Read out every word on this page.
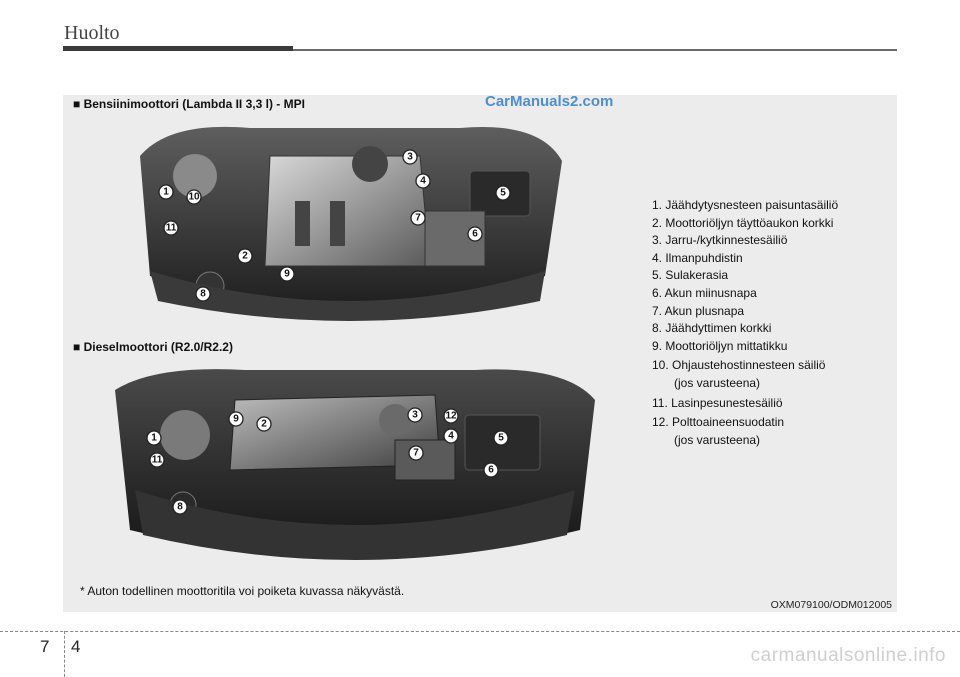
Huolto
■ Bensiinimoottori (Lambda II 3,3 l) - MPI	CarManuals2.com
■ Dieselmoottori (R2.0/R2.2)
1 10
11
2
9
8
3
4
5
7
6
9 2
1
11
8
3	12
4	5
7
6
1. Jäähdytysnesteen paisuntasäiliö
2. Moottoriöljyn täyttöaukon korkki
3. Jarru-/kytkinnestesäiliö
4. Ilmanpuhdistin
5. Sulakerasia
6. Akun miinusnapa
7. Akun plusnapa
8. Jäähdyttimen korkki
9. Moottoriöljyn mittatikku
10. Ohjaustehostinnesteen säiliö
(jos varusteena)
11. Lasinpesunestesäiliö
12. Polttoaineensuodatin
(jos varusteena)
* Auton todellinen moottoritila voi poiketa kuvassa näkyvästä.
OXM079100/ODM012005
7 4	carmanualsonline.info
